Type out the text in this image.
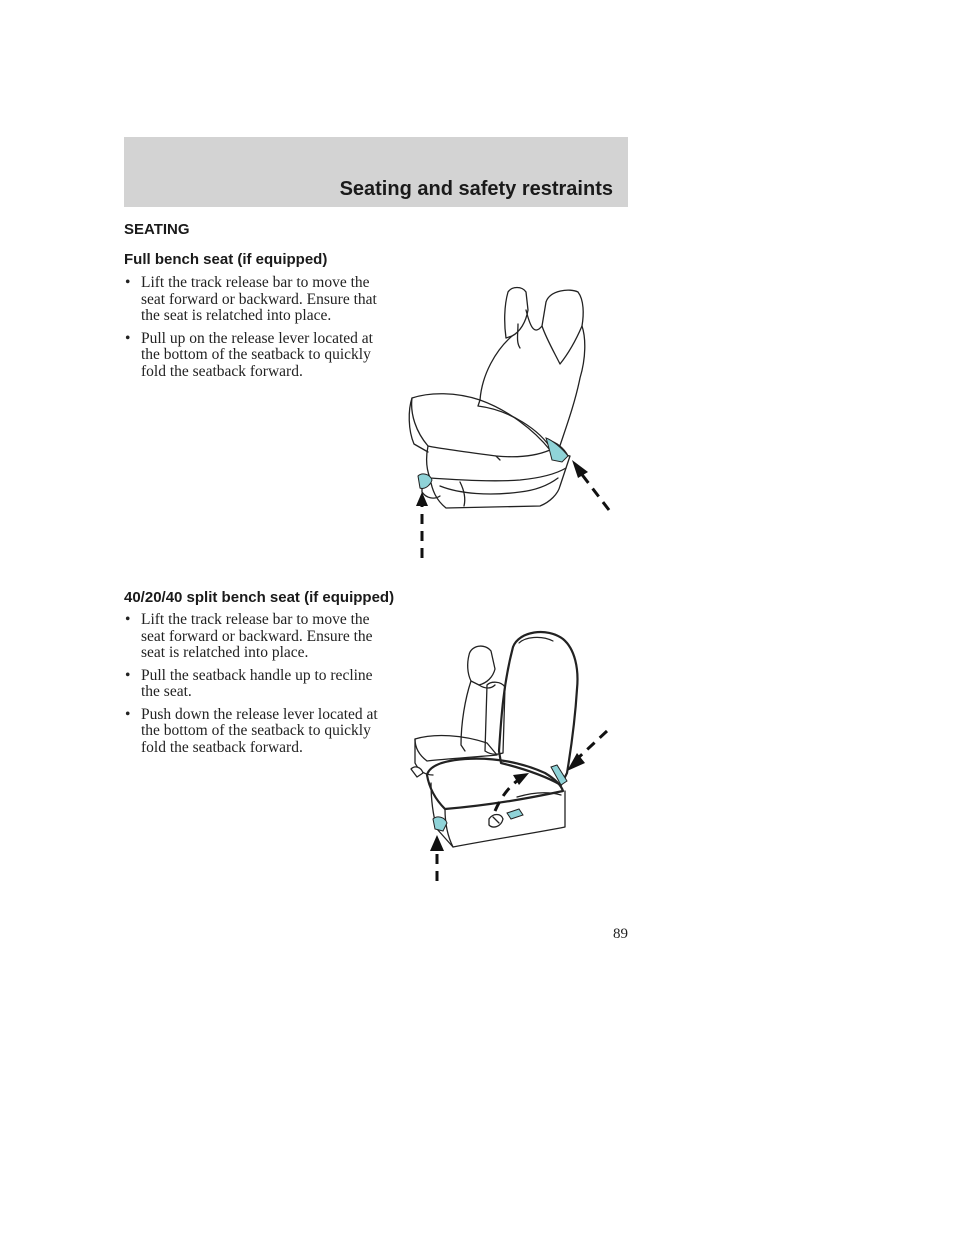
Seating and safety restraints
SEATING
Full bench seat (if equipped)
• Lift the track release bar to move the seat forward or backward. Ensure that the seat is relatched into place.
• Pull up on the release lever located at the bottom of the seatback to quickly fold the seatback forward.
40/20/40 split bench seat (if equipped)
• Lift the track release bar to move the seat forward or backward. Ensure the seat is relatched into place.
• Pull the seatback handle up to recline the seat.
• Push down the release lever located at the bottom of the seatback to quickly fold the seatback forward.

89
